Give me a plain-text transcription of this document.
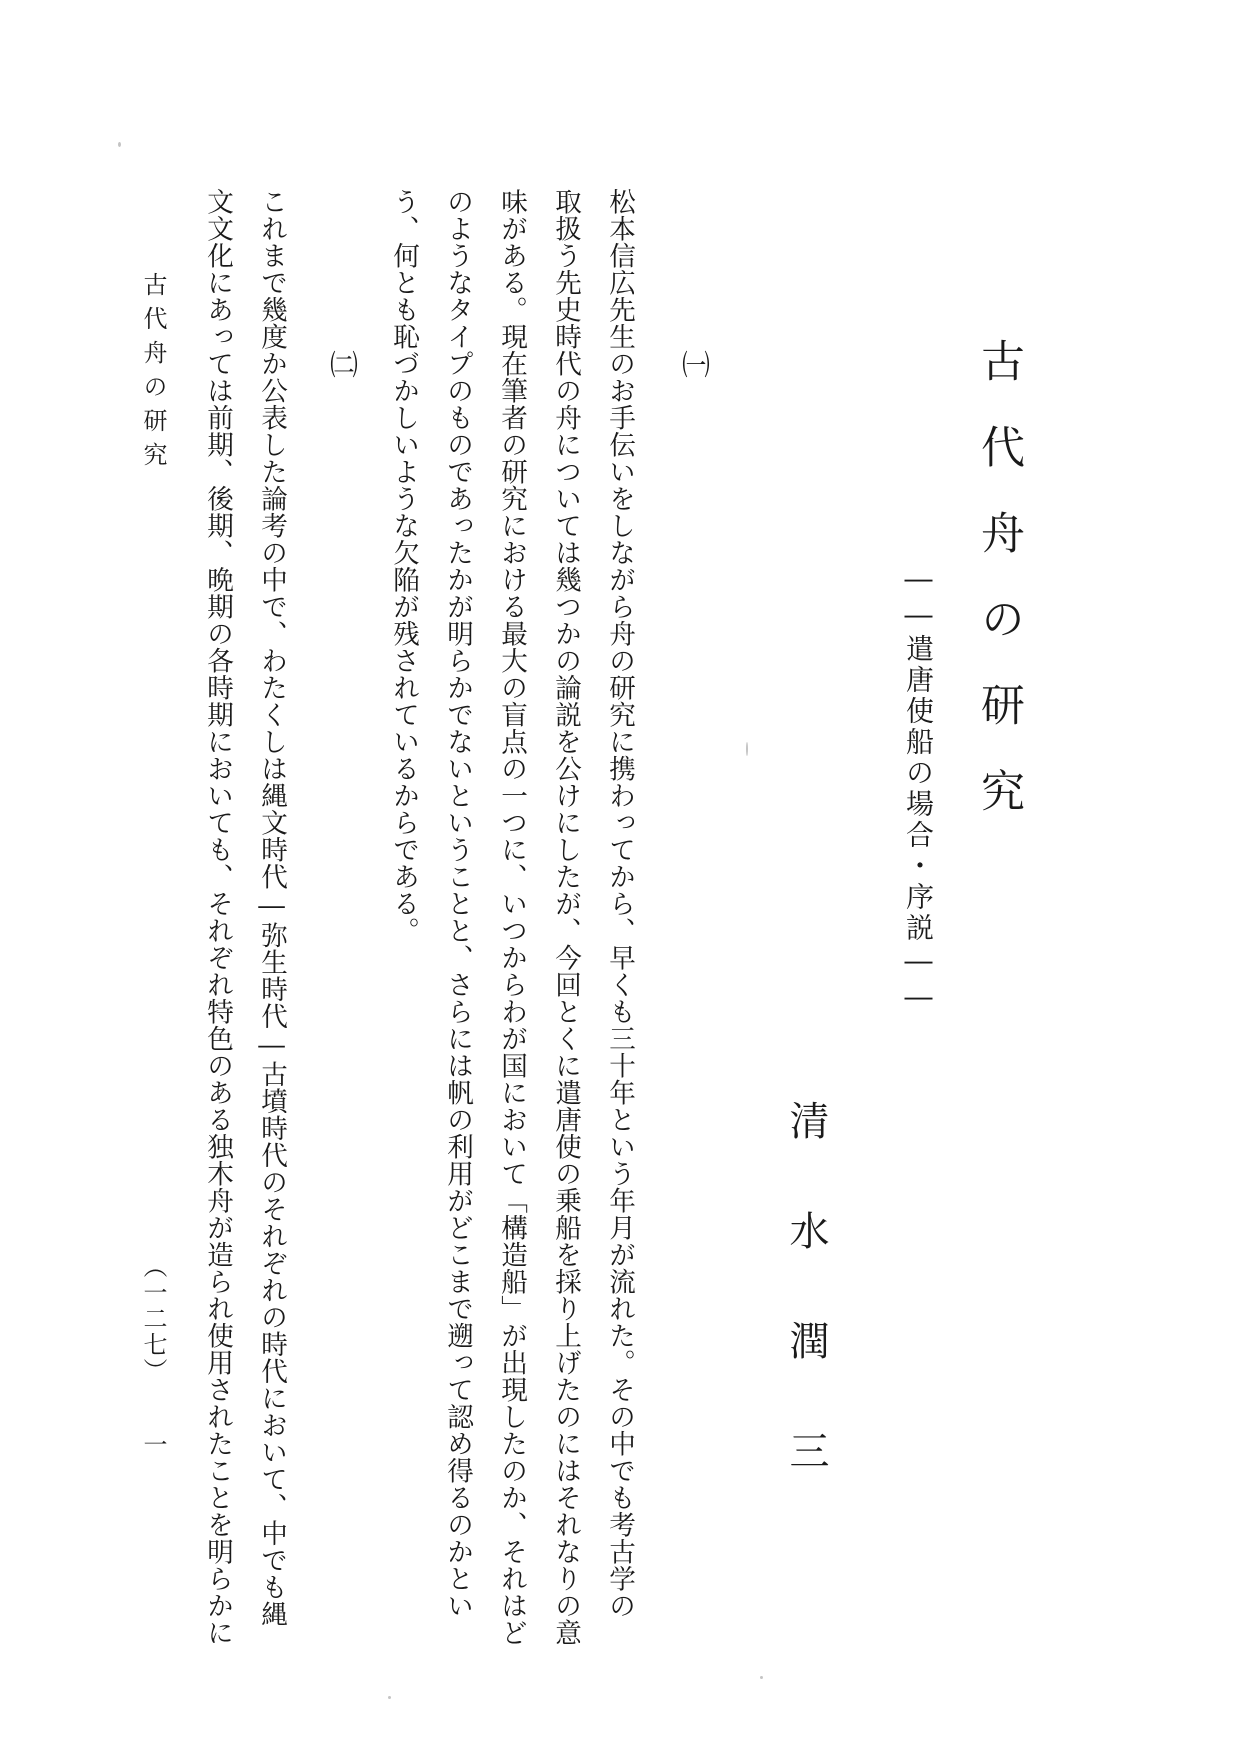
古代舟の研究
――遣唐使船の場合・序説――
清水潤三
㈠
松本信広先生のお手伝いをしながら舟の研究に携わってから、早くも三十年という年月が流れた。その中でも考古学の
取扱う先史時代の舟については幾つかの論説を公けにしたが、今回とくに遣唐使の乗船を採り上げたのにはそれなりの意
味がある。現在筆者の研究における最大の盲点の一つに、いつからわが国において「構造船」が出現したのか、それはど
のようなタイプのものであったかが明らかでないということと、さらには帆の利用がどこまで遡って認め得るのかとい
う、何とも恥づかしいような欠陥が残されているからである。
㈡
これまで幾度か公表した論考の中で、わたくしは縄文時代―弥生時代―古墳時代のそれぞれの時代において、中でも縄
文文化にあっては前期、後期、晩期の各時期においても、それぞれ特色のある独木舟が造られ使用されたことを明らかに
古代舟の研究
（一二七）
一
